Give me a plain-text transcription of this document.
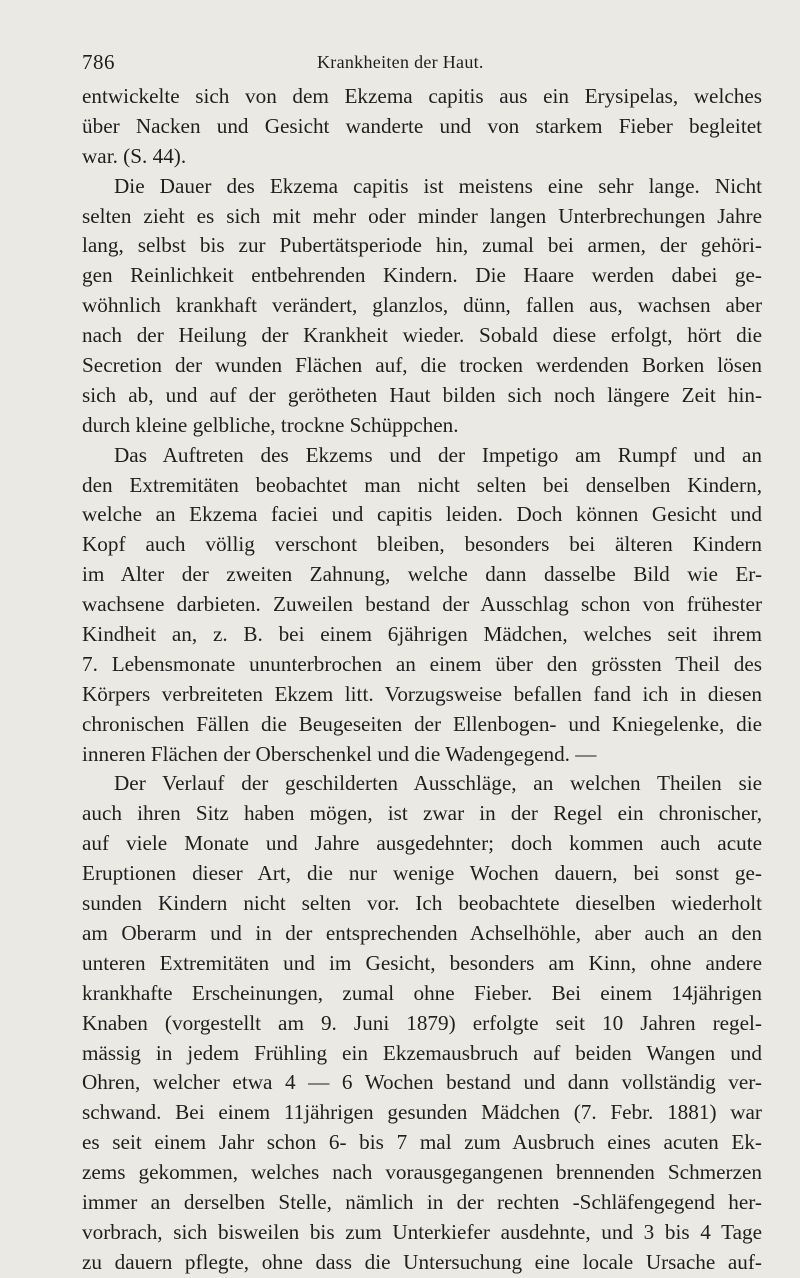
786	Krankheiten der Haut.
entwickelte sich von dem Ekzema capitis aus ein Erysipelas, welches
über Nacken und Gesicht wanderte und von starkem Fieber begleitet
war. (S. 44).
Die Dauer des Ekzema capitis ist meistens eine sehr lange. Nicht
selten zieht es sich mit mehr oder minder langen Unterbrechungen Jahre
lang, selbst bis zur Pubertätsperiode hin, zumal bei armen, der gehöri-
gen Reinlichkeit entbehrenden Kindern. Die Haare werden dabei ge-
wöhnlich krankhaft verändert, glanzlos, dünn, fallen aus, wachsen aber
nach der Heilung der Krankheit wieder. Sobald diese erfolgt, hört die
Secretion der wunden Flächen auf, die trocken werdenden Borken lösen
sich ab, und auf der gerötheten Haut bilden sich noch längere Zeit hin-
durch kleine gelbliche, trockne Schüppchen.
Das Auftreten des Ekzems und der Impetigo am Rumpf und an
den Extremitäten beobachtet man nicht selten bei denselben Kindern,
welche an Ekzema faciei und capitis leiden. Doch können Gesicht und
Kopf auch völlig verschont bleiben, besonders bei älteren Kindern
im Alter der zweiten Zahnung, welche dann dasselbe Bild wie Er-
wachsene darbieten. Zuweilen bestand der Ausschlag schon von frühester
Kindheit an, z. B. bei einem 6jährigen Mädchen, welches seit ihrem
7. Lebensmonate ununterbrochen an einem über den grössten Theil des
Körpers verbreiteten Ekzem litt. Vorzugsweise befallen fand ich in diesen
chronischen Fällen die Beugeseiten der Ellenbogen- und Kniegelenke, die
inneren Flächen der Oberschenkel und die Wadengegend. —
Der Verlauf der geschilderten Ausschläge, an welchen Theilen sie
auch ihren Sitz haben mögen, ist zwar in der Regel ein chronischer,
auf viele Monate und Jahre ausgedehnter; doch kommen auch acute
Eruptionen dieser Art, die nur wenige Wochen dauern, bei sonst ge-
sunden Kindern nicht selten vor. Ich beobachtete dieselben wiederholt
am Oberarm und in der entsprechenden Achselhöhle, aber auch an den
unteren Extremitäten und im Gesicht, besonders am Kinn, ohne andere
krankhafte Erscheinungen, zumal ohne Fieber. Bei einem 14jährigen
Knaben (vorgestellt am 9. Juni 1879) erfolgte seit 10 Jahren regel-
mässig in jedem Frühling ein Ekzemausbruch auf beiden Wangen und
Ohren, welcher etwa 4 — 6 Wochen bestand und dann vollständig ver-
schwand. Bei einem 11jährigen gesunden Mädchen (7. Febr. 1881) war
es seit einem Jahr schon 6- bis 7 mal zum Ausbruch eines acuten Ek-
zems gekommen, welches nach vorausgegangenen brennenden Schmerzen
immer an derselben Stelle, nämlich in der rechten -Schläfengegend her-
vorbrach, sich bisweilen bis zum Unterkiefer ausdehnte, und 3 bis 4 Tage
zu dauern pflegte, ohne dass die Untersuchung eine locale Ursache auf-
